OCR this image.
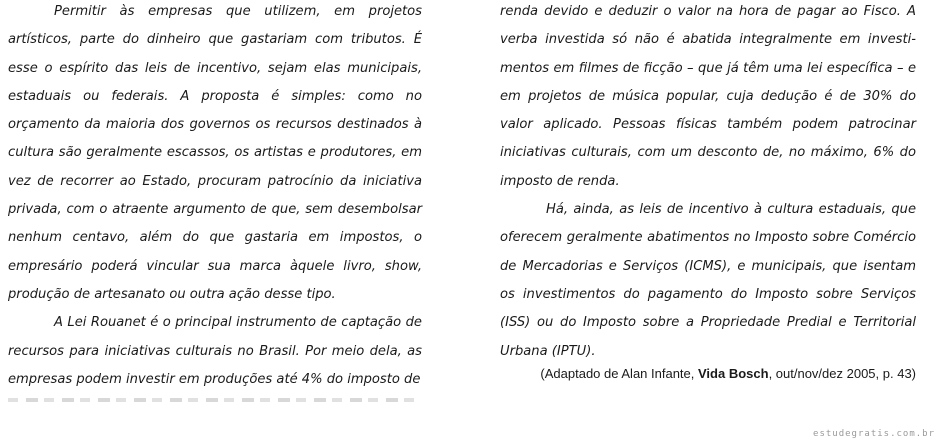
Permitir às empresas que utilizem, em projetos artísticos, parte do dinheiro que gastariam com tributos. É esse o espírito das leis de incentivo, sejam elas municipais, estaduais ou federais. A proposta é simples: como no orçamento da maioria dos governos os recursos destinados à cultura são geralmente escassos, os artistas e produtores, em vez de recorrer ao Estado, procuram patrocínio da iniciativa privada, com o atraente argumento de que, sem desembolsar nenhum centavo, além do que gastaria em impostos, o empresário poderá vincular sua marca àquele livro, show, produção de artesanato ou outra ação desse tipo.

A Lei Rouanet é o principal instrumento de captação de recursos para iniciativas culturais no Brasil. Por meio dela, as empresas podem investir em produções até 4% do imposto de

renda devido e deduzir o valor na hora de pagar ao Fisco. A verba investida só não é abatida integralmente em investi-mentos em filmes de ficção – que já têm uma lei específica – e em projetos de música popular, cuja dedução é de 30% do valor aplicado. Pessoas físicas também podem patrocinar iniciativas culturais, com um desconto de, no máximo, 6% do imposto de renda.

Há, ainda, as leis de incentivo à cultura estaduais, que oferecem geralmente abatimentos no Imposto sobre Comércio de Mercadorias e Serviços (ICMS), e municipais, que isentam os investimentos do pagamento do Imposto sobre Serviços (ISS) ou do Imposto sobre a Propriedade Predial e Territorial Urbana (IPTU).

(Adaptado de Alan Infante, Vida Bosch, out/nov/dez 2005, p. 43)
estudegratis.com.br
